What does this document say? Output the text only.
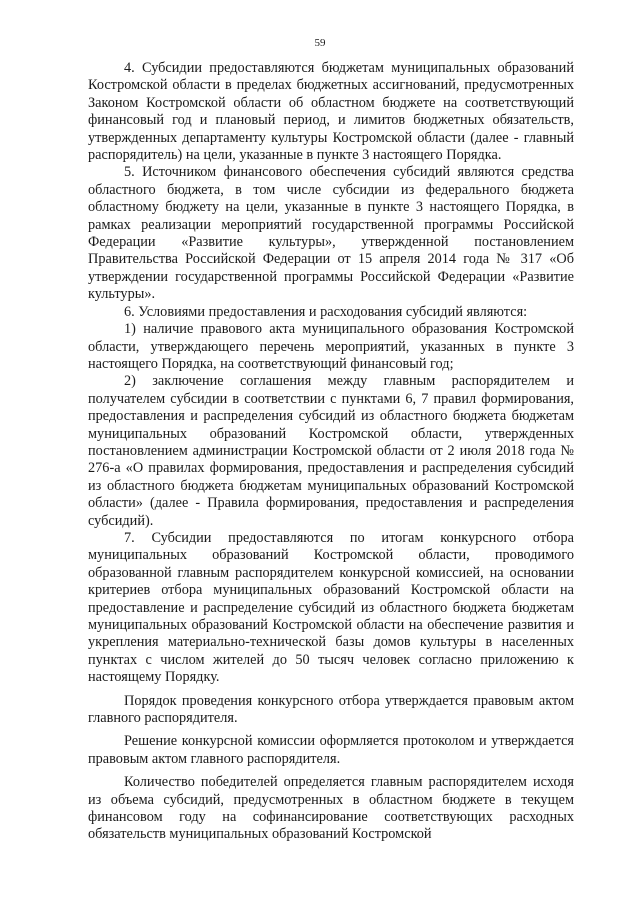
59

4. Субсидии предоставляются бюджетам муниципальных образований Костромской области в пределах бюджетных ассигнований, предусмотренных Законом Костромской области об областном бюджете на соответствующий финансовый год и плановый период, и лимитов бюджетных обязательств, утвержденных департаменту культуры Костромской области (далее - главный распорядитель) на цели, указанные в пункте 3 настоящего Порядка.

5. Источником финансового обеспечения субсидий являются средства областного бюджета, в том числе субсидии из федерального бюджета областному бюджету на цели, указанные в пункте 3 настоящего Порядка, в рамках реализации мероприятий государственной программы Российской Федерации «Развитие культуры», утвержденной постановлением Правительства Российской Федерации от 15 апреля 2014 года № 317 «Об утверждении государственной программы Российской Федерации «Развитие культуры».

6. Условиями предоставления и расходования субсидий являются:

1) наличие правового акта муниципального образования Костромской области, утверждающего перечень мероприятий, указанных в пункте 3 настоящего Порядка, на соответствующий финансовый год;

2) заключение соглашения между главным распорядителем и получателем субсидии в соответствии с пунктами 6, 7 правил формирования, предоставления и распределения субсидий из областного бюджета бюджетам муниципальных образований Костромской области, утвержденных постановлением администрации Костромской области от 2 июля 2018 года № 276-а «О правилах формирования, предоставления и распределения субсидий из областного бюджета бюджетам муниципальных образований Костромской области» (далее - Правила формирования, предоставления и распределения субсидий).

7. Субсидии предоставляются по итогам конкурсного отбора муниципальных образований Костромской области, проводимого образованной главным распорядителем конкурсной комиссией, на основании критериев отбора муниципальных образований Костромской области на предоставление и распределение субсидий из областного бюджета бюджетам муниципальных образований Костромской области на обеспечение развития и укрепления материально-технической базы домов культуры в населенных пунктах с числом жителей до 50 тысяч человек согласно приложению к настоящему Порядку.

Порядок проведения конкурсного отбора утверждается правовым актом главного распорядителя.

Решение конкурсной комиссии оформляется протоколом и утверждается правовым актом главного распорядителя.

Количество победителей определяется главным распорядителем исходя из объема субсидий, предусмотренных в областном бюджете в текущем финансовом году на софинансирование соответствующих расходных обязательств муниципальных образований Костромской
